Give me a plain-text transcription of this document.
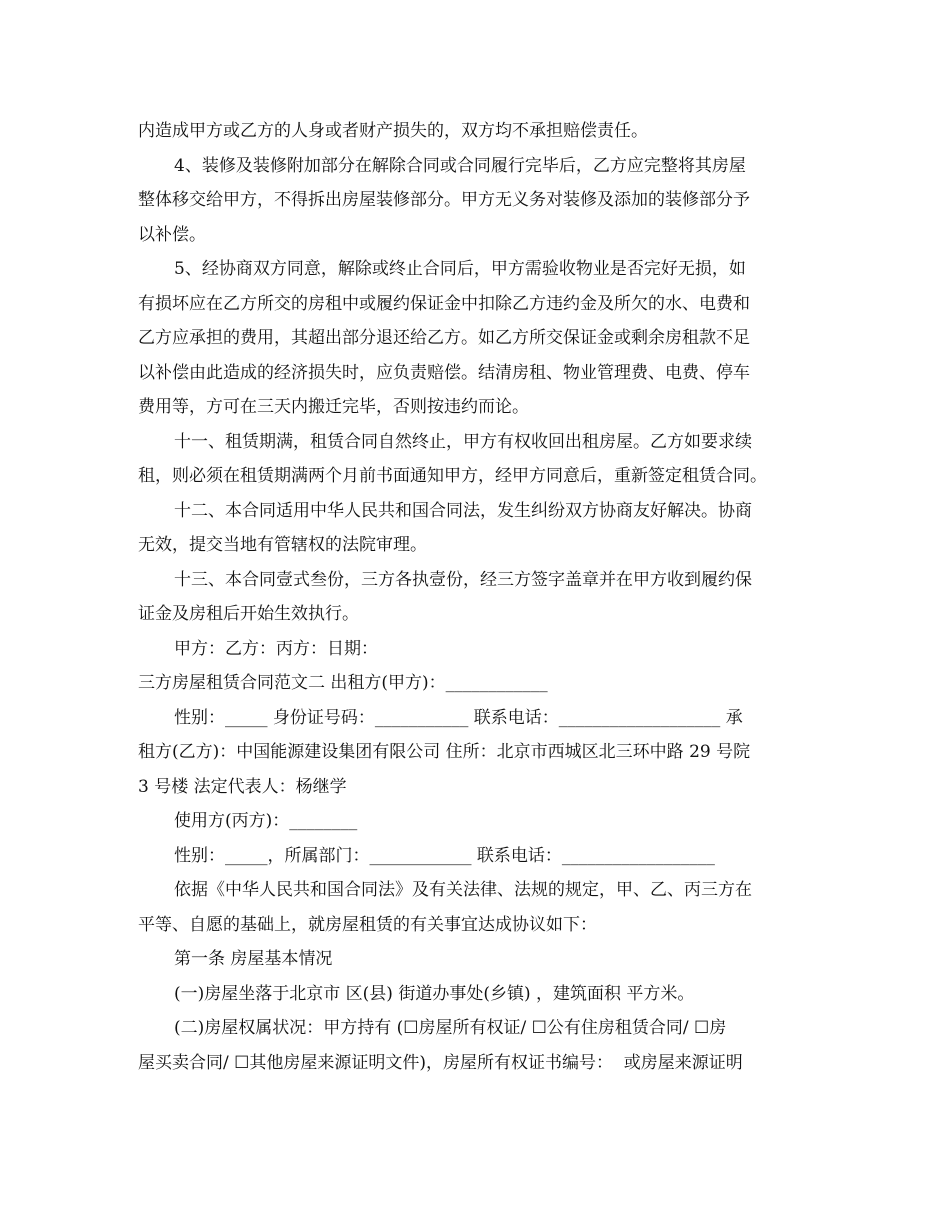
内造成甲方或乙方的人身或者财产损失的，双方均不承担赔偿责任。
4、装修及装修附加部分在解除合同或合同履行完毕后，乙方应完整将其房屋
整体移交给甲方，不得拆出房屋装修部分。甲方无义务对装修及添加的装修部分予
以补偿。
5、经协商双方同意，解除或终止合同后，甲方需验收物业是否完好无损，如
有损坏应在乙方所交的房租中或履约保证金中扣除乙方违约金及所欠的水、电费和
乙方应承担的费用，其超出部分退还给乙方。如乙方所交保证金或剩余房租款不足
以补偿由此造成的经济损失时，应负责赔偿。结清房租、物业管理费、电费、停车
费用等，方可在三天内搬迁完毕，否则按违约而论。
十一、租赁期满，租赁合同自然终止，甲方有权收回出租房屋。乙方如要求续
租，则必须在租赁期满两个月前书面通知甲方，经甲方同意后，重新签定租赁合同。
十二、本合同适用中华人民共和国合同法，发生纠纷双方协商友好解决。协商
无效，提交当地有管辖权的法院审理。
十三、本合同壹式叁份，三方各执壹份，经三方签字盖章并在甲方收到履约保
证金及房租后开始生效执行。
甲方：乙方：丙方：日期：
三方房屋租赁合同范文二 出租方(甲方)：____________
性别：_____ 身份证号码：___________ 联系电话：___________________ 承
租方(乙方)：中国能源建设集团有限公司 住所：北京市西城区北三环中路 29 号院
3 号楼 法定代表人：杨继学
使用方(丙方)：________
性别：_____，所属部门：____________ 联系电话：__________________
依据《中华人民共和国合同法》及有关法律、法规的规定，甲、乙、丙三方在
平等、自愿的基础上，就房屋租赁的有关事宜达成协议如下：
第一条 房屋基本情况
(一)房屋坐落于北京市 区(县) 街道办事处(乡镇) ，建筑面积 平方米。
(二)房屋权属状况：甲方持有 (☐房屋所有权证/ ☐公有住房租赁合同/ ☐房
屋买卖合同/ ☐其他房屋来源证明文件)，房屋所有权证书编号：  或房屋来源证明
